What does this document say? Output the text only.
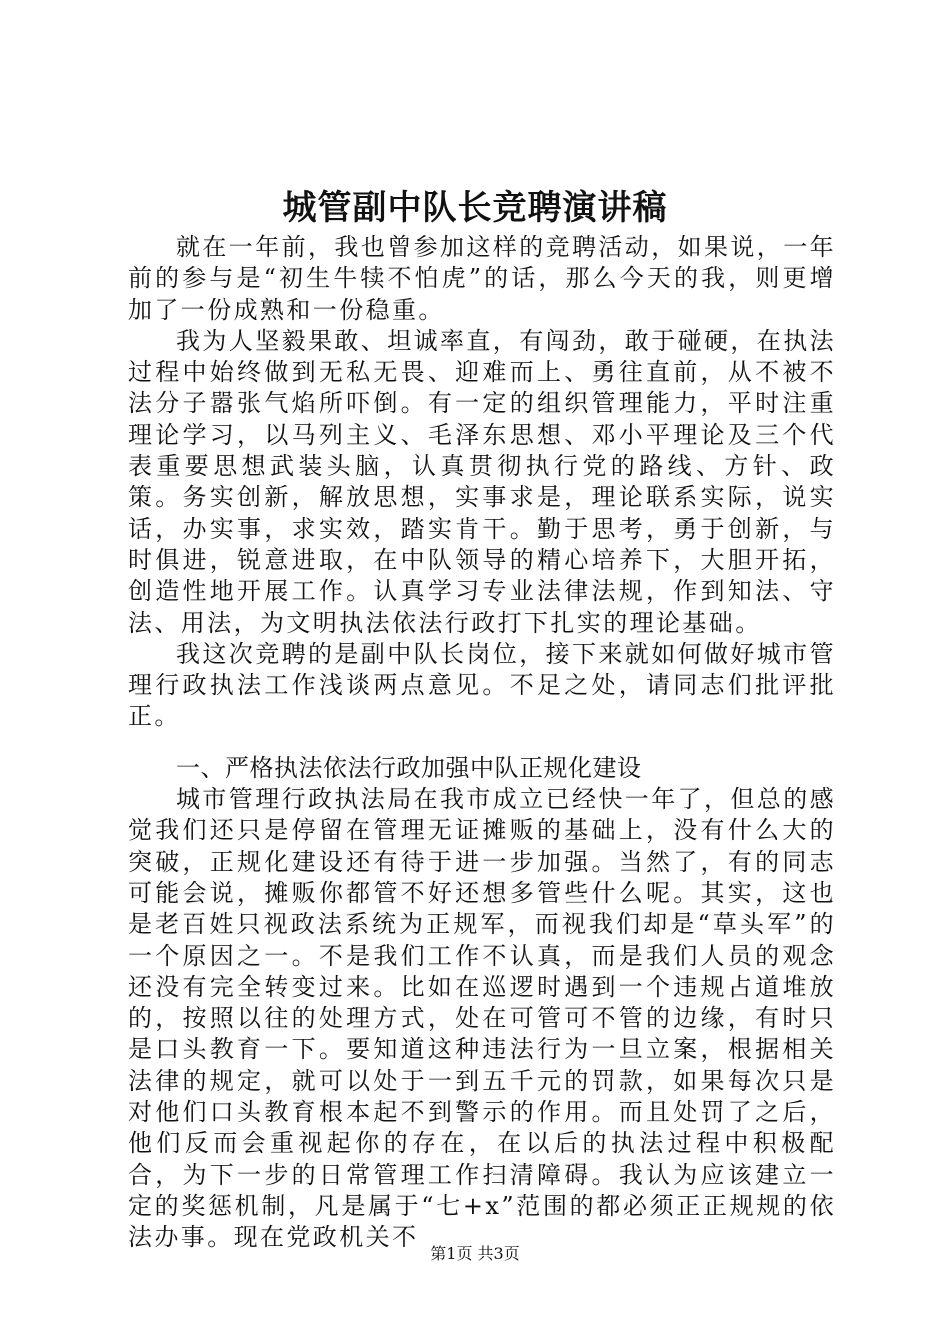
城管副中队长竞聘演讲稿

就在一年前，我也曾参加这样的竞聘活动，如果说，一年前的参与是“初生牛犊不怕虎”的话，那么今天的我，则更增加了一份成熟和一份稳重。

我为人坚毅果敢、坦诚率直，有闯劲，敢于碰硬，在执法过程中始终做到无私无畏、迎难而上、勇往直前，从不被不法分子嚣张气焰所吓倒。有一定的组织管理能力，平时注重理论学习，以马列主义、毛泽东思想、邓小平理论及三个代表重要思想武装头脑，认真贯彻执行党的路线、方针、政策。务实创新，解放思想，实事求是，理论联系实际，说实话，办实事，求实效，踏实肯干。勤于思考，勇于创新，与时俱进，锐意进取，在中队领导的精心培养下，大胆开拓，创造性地开展工作。认真学习专业法律法规，作到知法、守法、用法，为文明执法依法行政打下扎实的理论基础。

我这次竞聘的是副中队长岗位，接下来就如何做好城市管理行政执法工作浅谈两点意见。不足之处，请同志们批评批正。

一、严格执法依法行政加强中队正规化建设

城市管理行政执法局在我市成立已经快一年了，但总的感觉我们还只是停留在管理无证摊贩的基础上，没有什么大的突破，正规化建设还有待于进一步加强。当然了，有的同志可能会说，摊贩你都管不好还想多管些什么呢。其实，这也是老百姓只视政法系统为正规军，而视我们却是“草头军”的一个原因之一。不是我们工作不认真，而是我们人员的观念还没有完全转变过来。比如在巡逻时遇到一个违规占道堆放的，按照以往的处理方式，处在可管可不管的边缘，有时只是口头教育一下。要知道这种违法行为一旦立案，根据相关法律的规定，就可以处于一到五千元的罚款，如果每次只是对他们口头教育根本起不到警示的作用。而且处罚了之后，他们反而会重视起你的存在，在以后的执法过程中积极配合，为下一步的日常管理工作扫清障碍。我认为应该建立一定的奖惩机制，凡是属于“七+x”范围的都必须正正规规的依法办事。现在党政机关不

第1页 共3页
